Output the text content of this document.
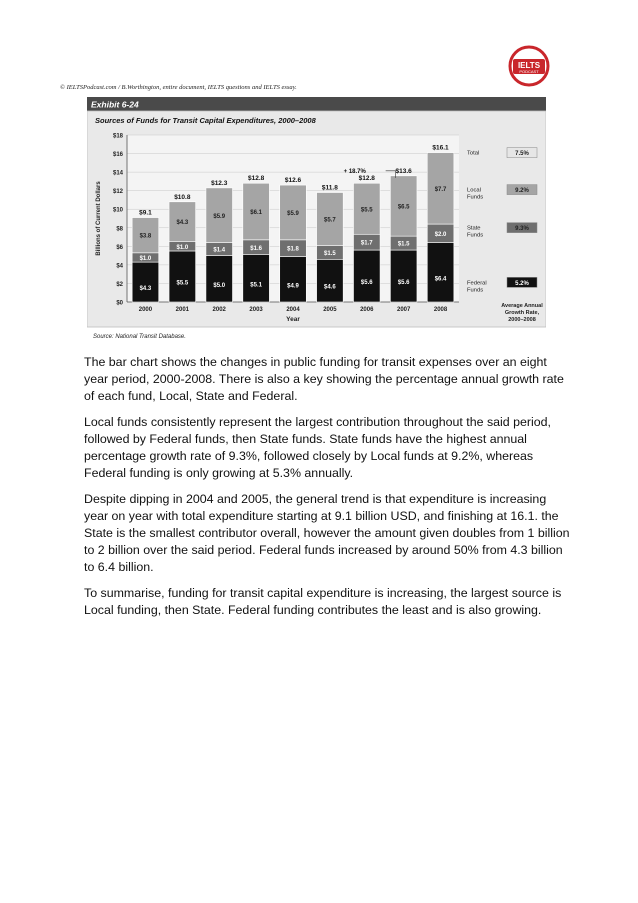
© IELTSPodcast.com / B.Worthington, entire document, IELTS questions and IELTS essay.
IELTS
PODCAST
Exhibit 6-24
Sources of Funds for Transit Capital Expenditures, 2000–2008
$0
$2
$4
$6
$8
$10
$12
$14
$16
$18
Billions of Current Dollars
Year
$4.3
$1.0
$3.8
$9.1
2000
$5.5
$1.0
$4.3
$10.8
2001
$5.0
$1.4
$5.9
$12.3
2002
$5.1
$1.6
$6.1
$12.8
2003
$4.9
$1.8
$5.9
$12.6
2004
$4.6
$1.5
$5.7
$11.8
2005
$5.6
$1.7
$5.5
$12.8
2006
$5.6
$1.5
$6.5
$13.6
2007
$6.4
$2.0
$7.7
$16.1
2008
+ 18.7%
Total	7.5%
Local
Funds
9.2%
State
Funds
9.3%
Federal
Funds
5.2%
Average Annual
Growth Rate,
2000–2008
Source: National Transit Database.

The bar chart shows the changes in public funding for transit expenses over an eight year period, 2000-2008. There is also a key showing the percentage annual growth rate of each fund, Local, State and Federal.

Local funds consistently represent the largest contribution throughout the said period, followed by Federal funds, then State funds. State funds have the highest annual percentage growth rate of 9.3%, followed closely by Local funds at 9.2%, whereas Federal funding is only growing at 5.3% annually.

Despite dipping in 2004 and 2005, the general trend is that expenditure is increasing year on year with total expenditure starting at 9.1 billion USD, and finishing at 16.1. the State is the smallest contributor overall, however the amount given doubles from 1 billion to 2 billion over the said period. Federal funds increased by around 50% from 4.3 billion to 6.4 billion.

To summarise, funding for transit capital expenditure is increasing, the largest source is Local funding, then State. Federal funding contributes the least and is also growing.
